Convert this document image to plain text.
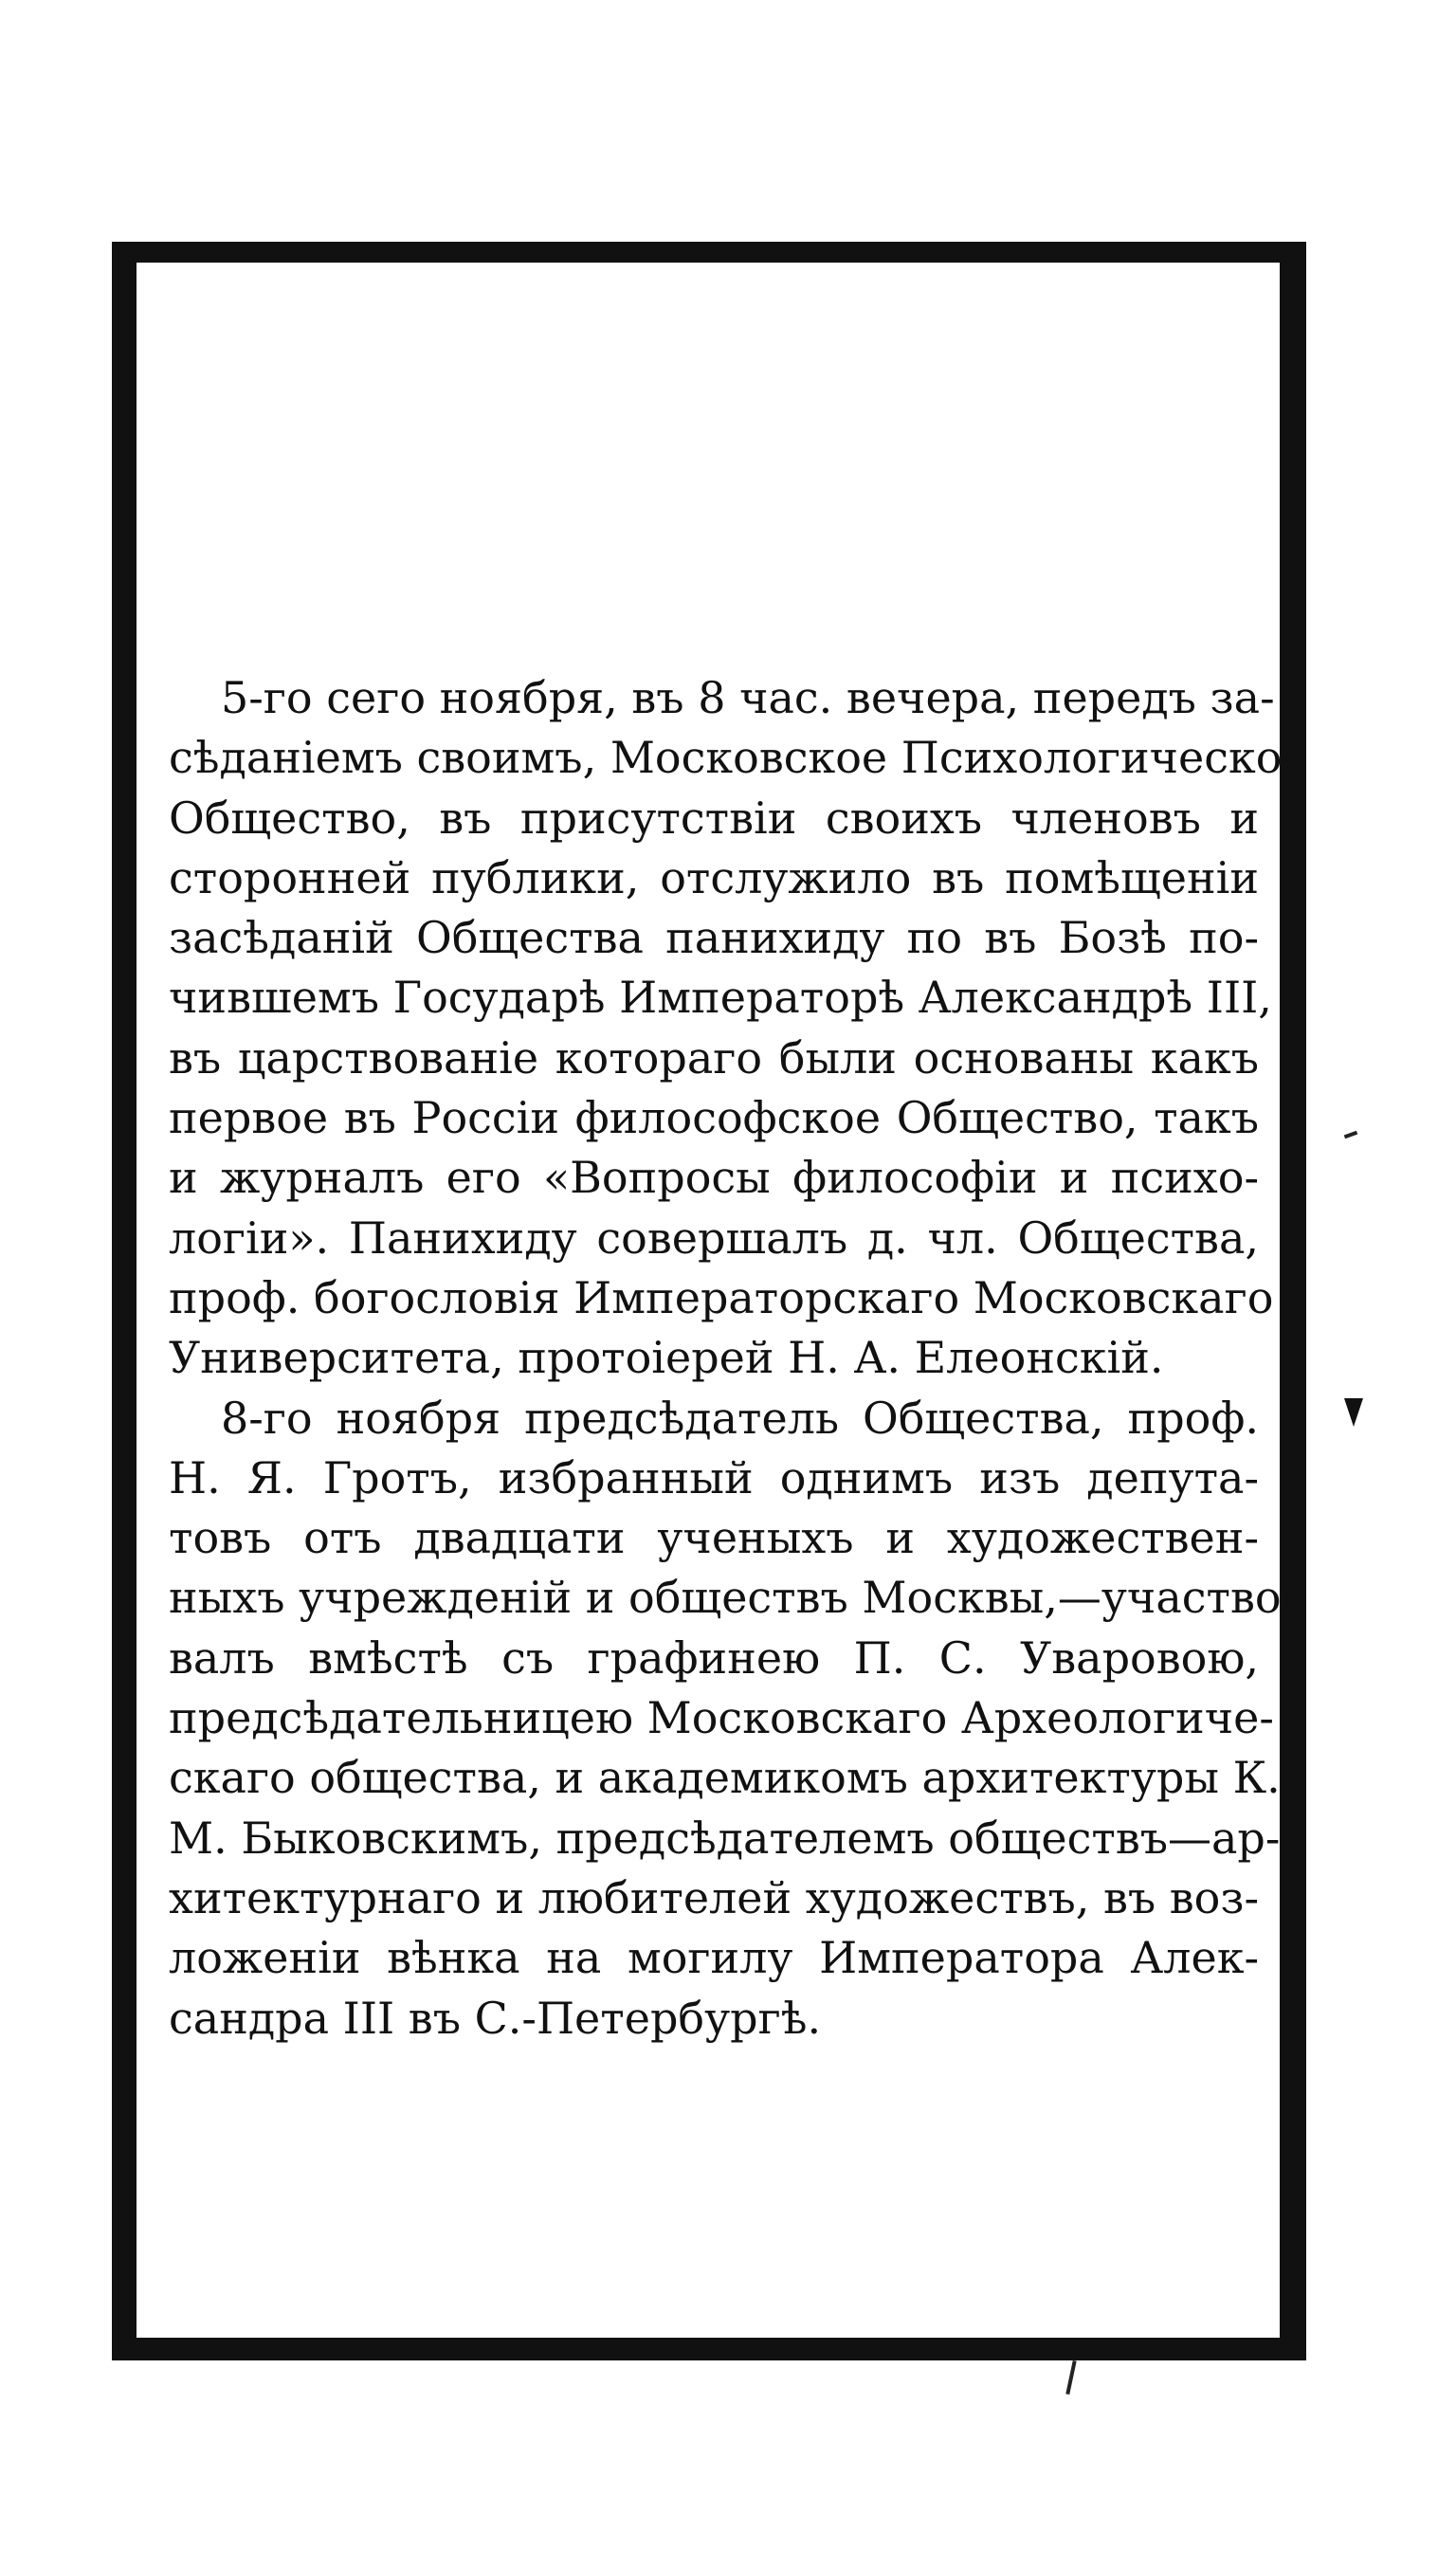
5-го сего ноября, въ 8 час. вечера, передъ за-
сѣданіемъ своимъ, Московское Психологическое
Общество, въ присутствіи своихъ членовъ и
сторонней публики, отслужило въ помѣщеніи
засѣданій Общества панихиду по въ Бозѣ по-
чившемъ Государѣ Императорѣ Александрѣ III,
въ царствованіе котораго были основаны какъ
первое въ Россіи философское Общество, такъ
и журналъ его «Вопросы философіи и психо-
логіи». Панихиду совершалъ д. чл. Общества,
проф. богословія Императорскаго Московскаго
Университета, протоіерей Н. А. Елеонскій.

8-го ноября предсѣдатель Общества, проф.
Н. Я. Гротъ, избранный однимъ изъ депута-
товъ отъ двадцати ученыхъ и художествен-
ныхъ учрежденій и обществъ Москвы,—участво-
валъ вмѣстѣ съ графинею П. С. Уваровою,
предсѣдательницею Московскаго Археологиче-
скаго общества, и академикомъ архитектуры К.
М. Быковскимъ, предсѣдателемъ обществъ—ар-
хитектурнаго и любителей художествъ, въ воз-
ложеніи вѣнка на могилу Императора Алек-
сандра III въ С.-Петербургѣ.
